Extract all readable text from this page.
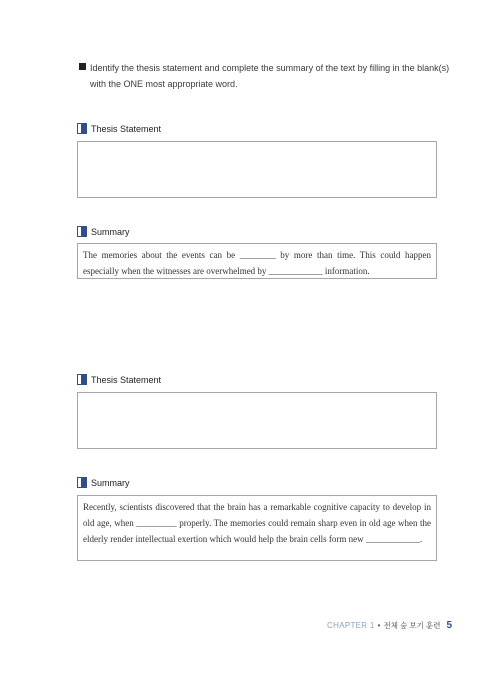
Identify the thesis statement and complete the summary of the text by filling in the blank(s) with the ONE most appropriate word.
Thesis Statement
Summary
The memories about the events can be ________ by more than time. This could happen especially when the witnesses are overwhelmed by ____________ information.
Thesis Statement
Summary
Recently, scientists discovered that the brain has a remarkable cognitive capacity to develop in old age, when _________ properly. The memories could remain sharp even in old age when the elderly render intellectual exertion which would help the brain cells form new ____________.
CHAPTER 1 • 전체 숲 보기 훈련 5
